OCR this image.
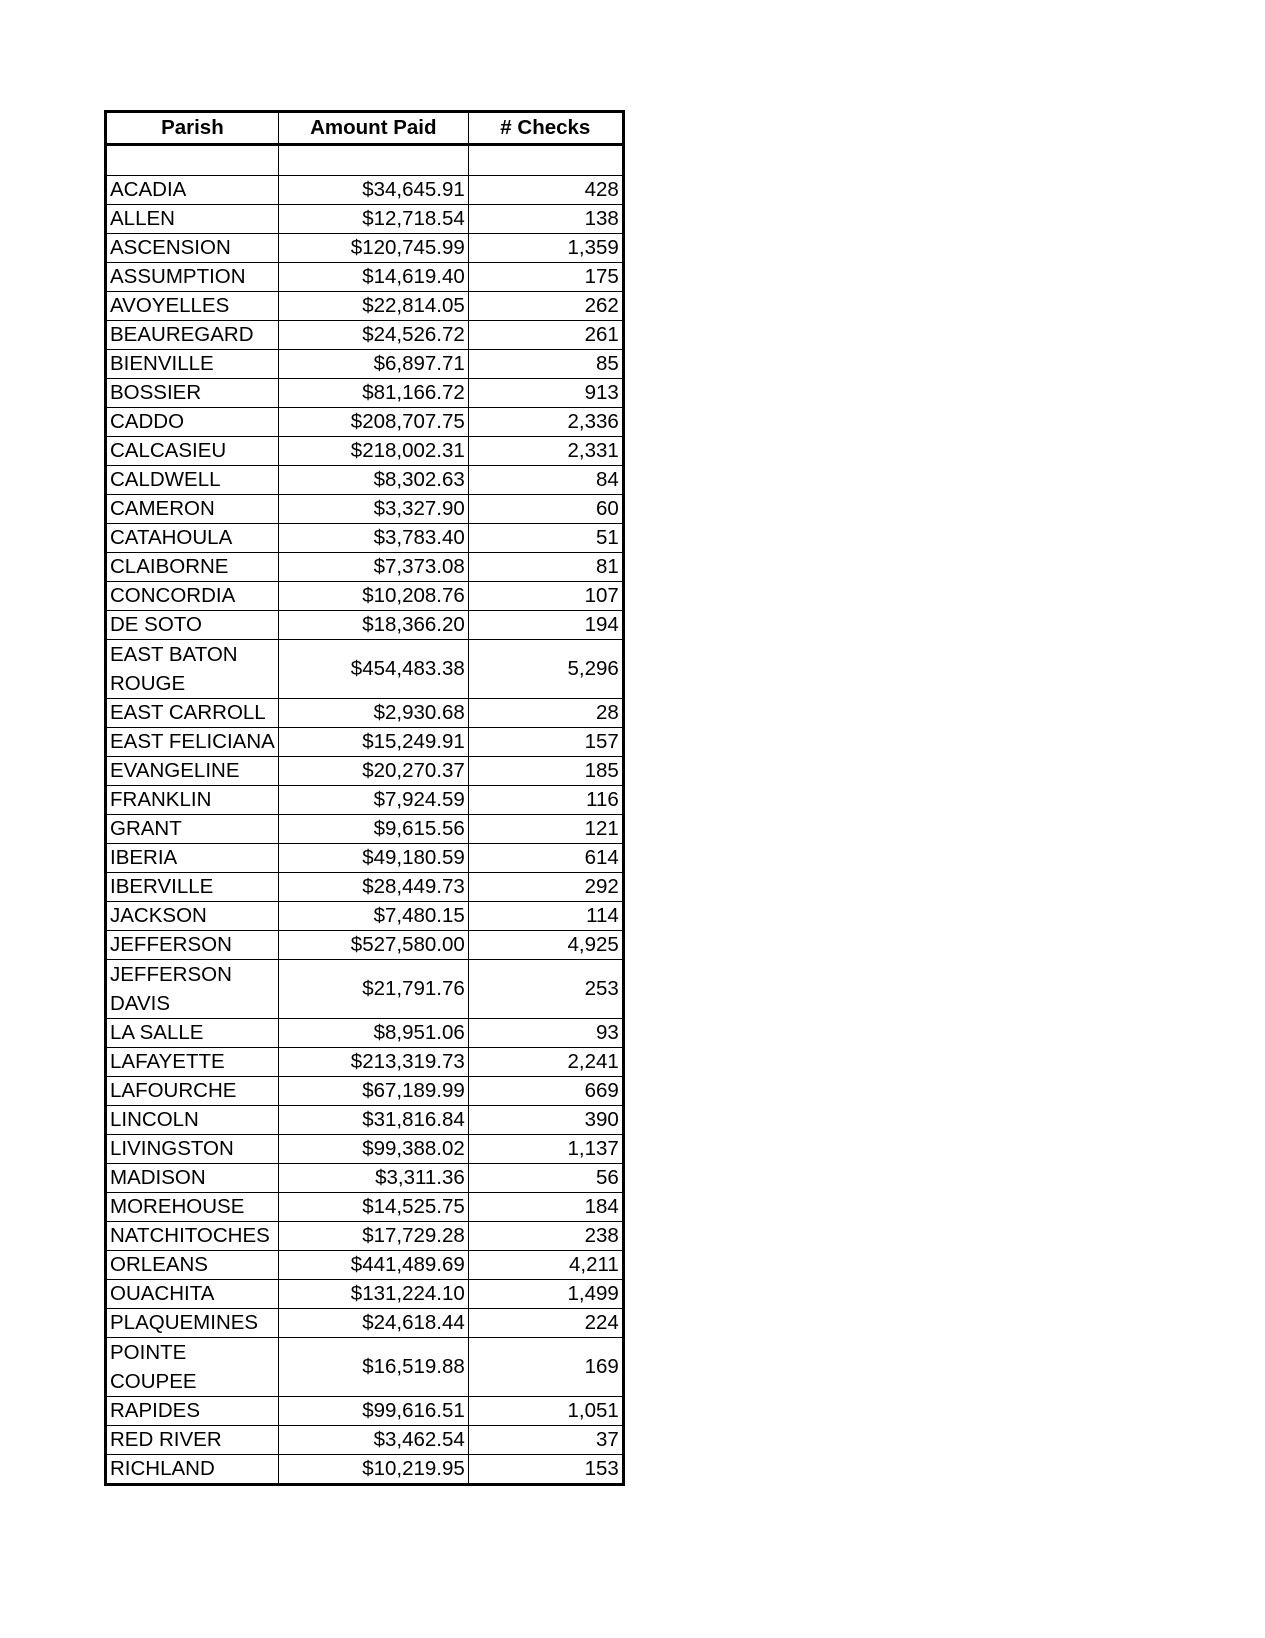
Parish	Amount Paid	# Checks

ACADIA	$34,645.91	428
ALLEN	$12,718.54	138
ASCENSION	$120,745.99	1,359
ASSUMPTION	$14,619.40	175
AVOYELLES	$22,814.05	262
BEAUREGARD	$24,526.72	261
BIENVILLE	$6,897.71	85
BOSSIER	$81,166.72	913
CADDO	$208,707.75	2,336
CALCASIEU	$218,002.31	2,331
CALDWELL	$8,302.63	84
CAMERON	$3,327.90	60
CATAHOULA	$3,783.40	51
CLAIBORNE	$7,373.08	81
CONCORDIA	$10,208.76	107
DE SOTO	$18,366.20	194
EAST BATON
ROUGE	$454,483.38	5,296
EAST CARROLL	$2,930.68	28
EAST FELICIANA	$15,249.91	157
EVANGELINE	$20,270.37	185
FRANKLIN	$7,924.59	116
GRANT	$9,615.56	121
IBERIA	$49,180.59	614
IBERVILLE	$28,449.73	292
JACKSON	$7,480.15	114
JEFFERSON	$527,580.00	4,925
JEFFERSON
DAVIS	$21,791.76	253
LA SALLE	$8,951.06	93
LAFAYETTE	$213,319.73	2,241
LAFOURCHE	$67,189.99	669
LINCOLN	$31,816.84	390
LIVINGSTON	$99,388.02	1,137
MADISON	$3,311.36	56
MOREHOUSE	$14,525.75	184
NATCHITOCHES	$17,729.28	238
ORLEANS	$441,489.69	4,211
OUACHITA	$131,224.10	1,499
PLAQUEMINES	$24,618.44	224
POINTE COUPEE	$16,519.88	169
RAPIDES	$99,616.51	1,051
RED RIVER	$3,462.54	37
RICHLAND	$10,219.95	153
